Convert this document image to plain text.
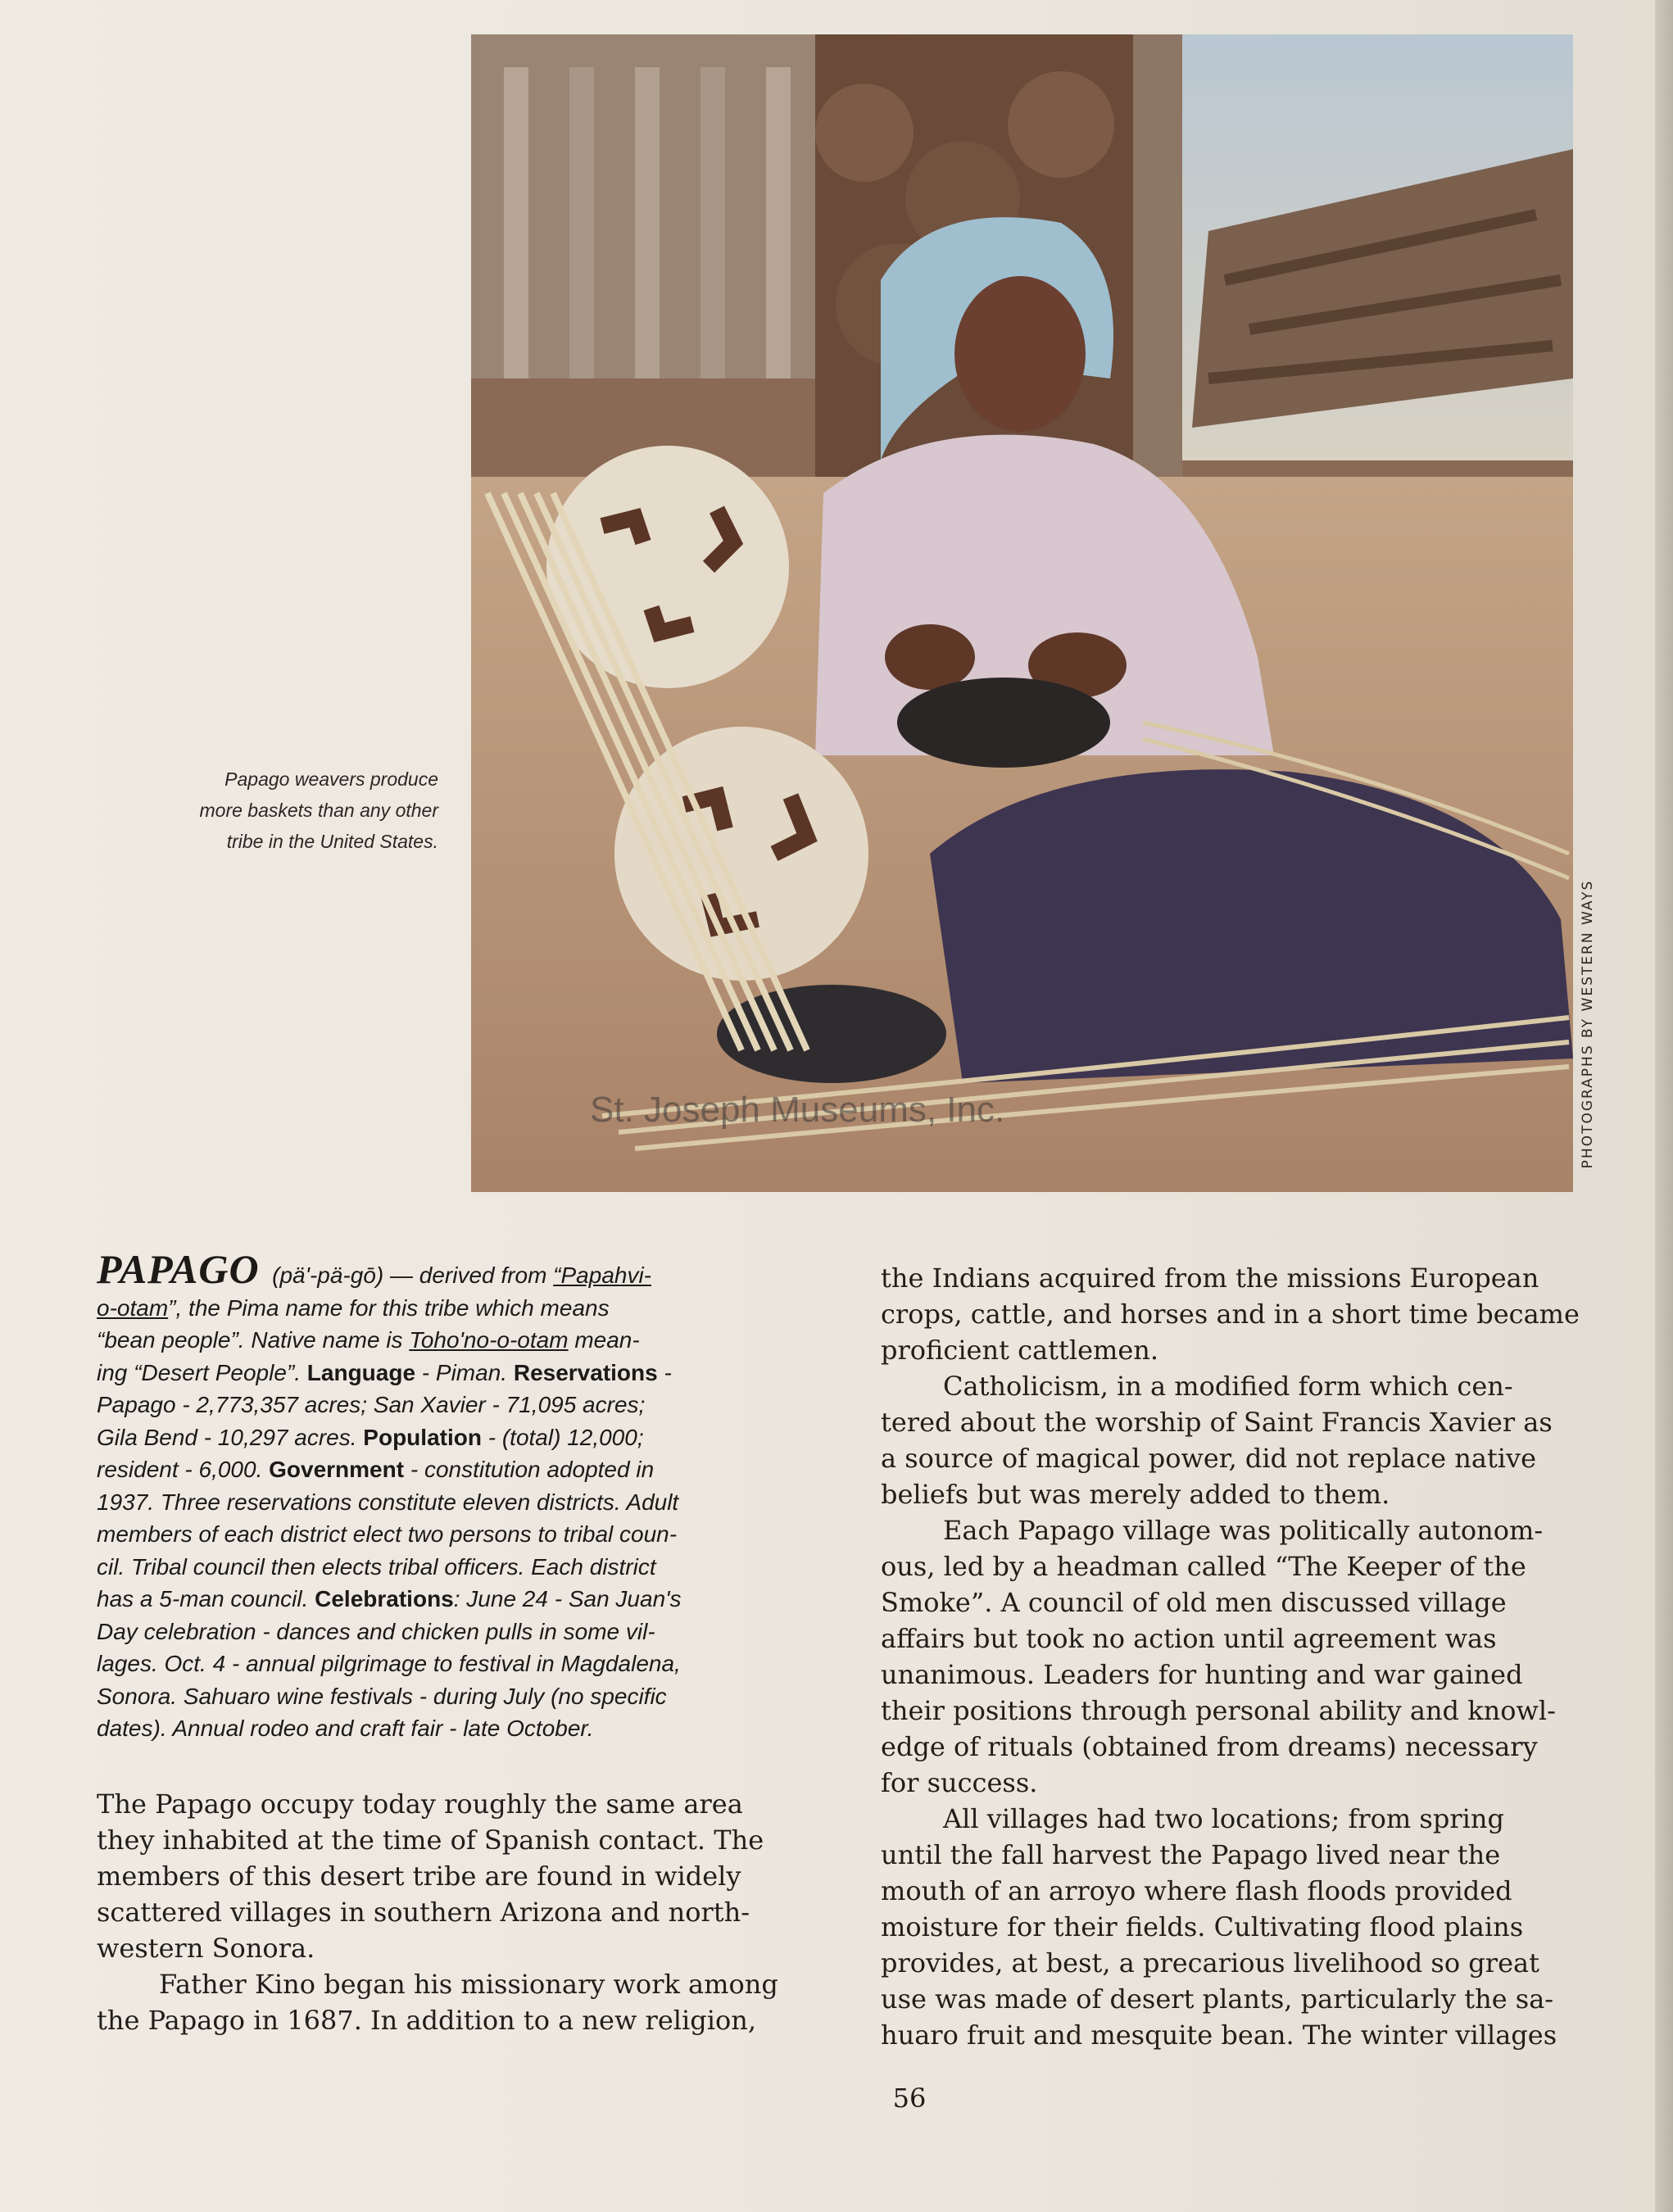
St. Joseph Museums, Inc.	PHOTOGRAPHS BY WESTERN WAYS
Papago weavers produce
more baskets than any other
tribe in the United States.
PAPAGO (pä'-pä-gō) — derived from “Papahvi-
o-otam”, the Pima name for this tribe which means
“bean people”. Native name is Toho'no-o-otam mean-
ing “Desert People”. Language - Piman. Reservations -
Papago - 2,773,357 acres; San Xavier - 71,095 acres;
Gila Bend - 10,297 acres. Population - (total) 12,000;
resident - 6,000. Government - constitution adopted in
1937. Three reservations constitute eleven districts. Adult
members of each district elect two persons to tribal coun-
cil. Tribal council then elects tribal officers. Each district
has a 5-man council. Celebrations: June 24 - San Juan's
Day celebration - dances and chicken pulls in some vil-
lages. Oct. 4 - annual pilgrimage to festival in Magdalena,
Sonora. Sahuaro wine festivals - during July (no specific
dates). Annual rodeo and craft fair - late October.
The Papago occupy today roughly the same area
they inhabited at the time of Spanish contact. The
members of this desert tribe are found in widely
scattered villages in southern Arizona and north-
western Sonora.
Father Kino began his missionary work among
the Papago in 1687. In addition to a new religion,
the Indians acquired from the missions European
crops, cattle, and horses and in a short time became
proficient cattlemen.
Catholicism, in a modified form which cen-
tered about the worship of Saint Francis Xavier as
a source of magical power, did not replace native
beliefs but was merely added to them.
Each Papago village was politically autonom-
ous, led by a headman called “The Keeper of the
Smoke”. A council of old men discussed village
affairs but took no action until agreement was
unanimous. Leaders for hunting and war gained
their positions through personal ability and knowl-
edge of rituals (obtained from dreams) necessary
for success.
All villages had two locations; from spring
until the fall harvest the Papago lived near the
mouth of an arroyo where flash floods provided
moisture for their fields. Cultivating flood plains
provides, at best, a precarious livelihood so great
use was made of desert plants, particularly the sa-
huaro fruit and mesquite bean. The winter villages
56
